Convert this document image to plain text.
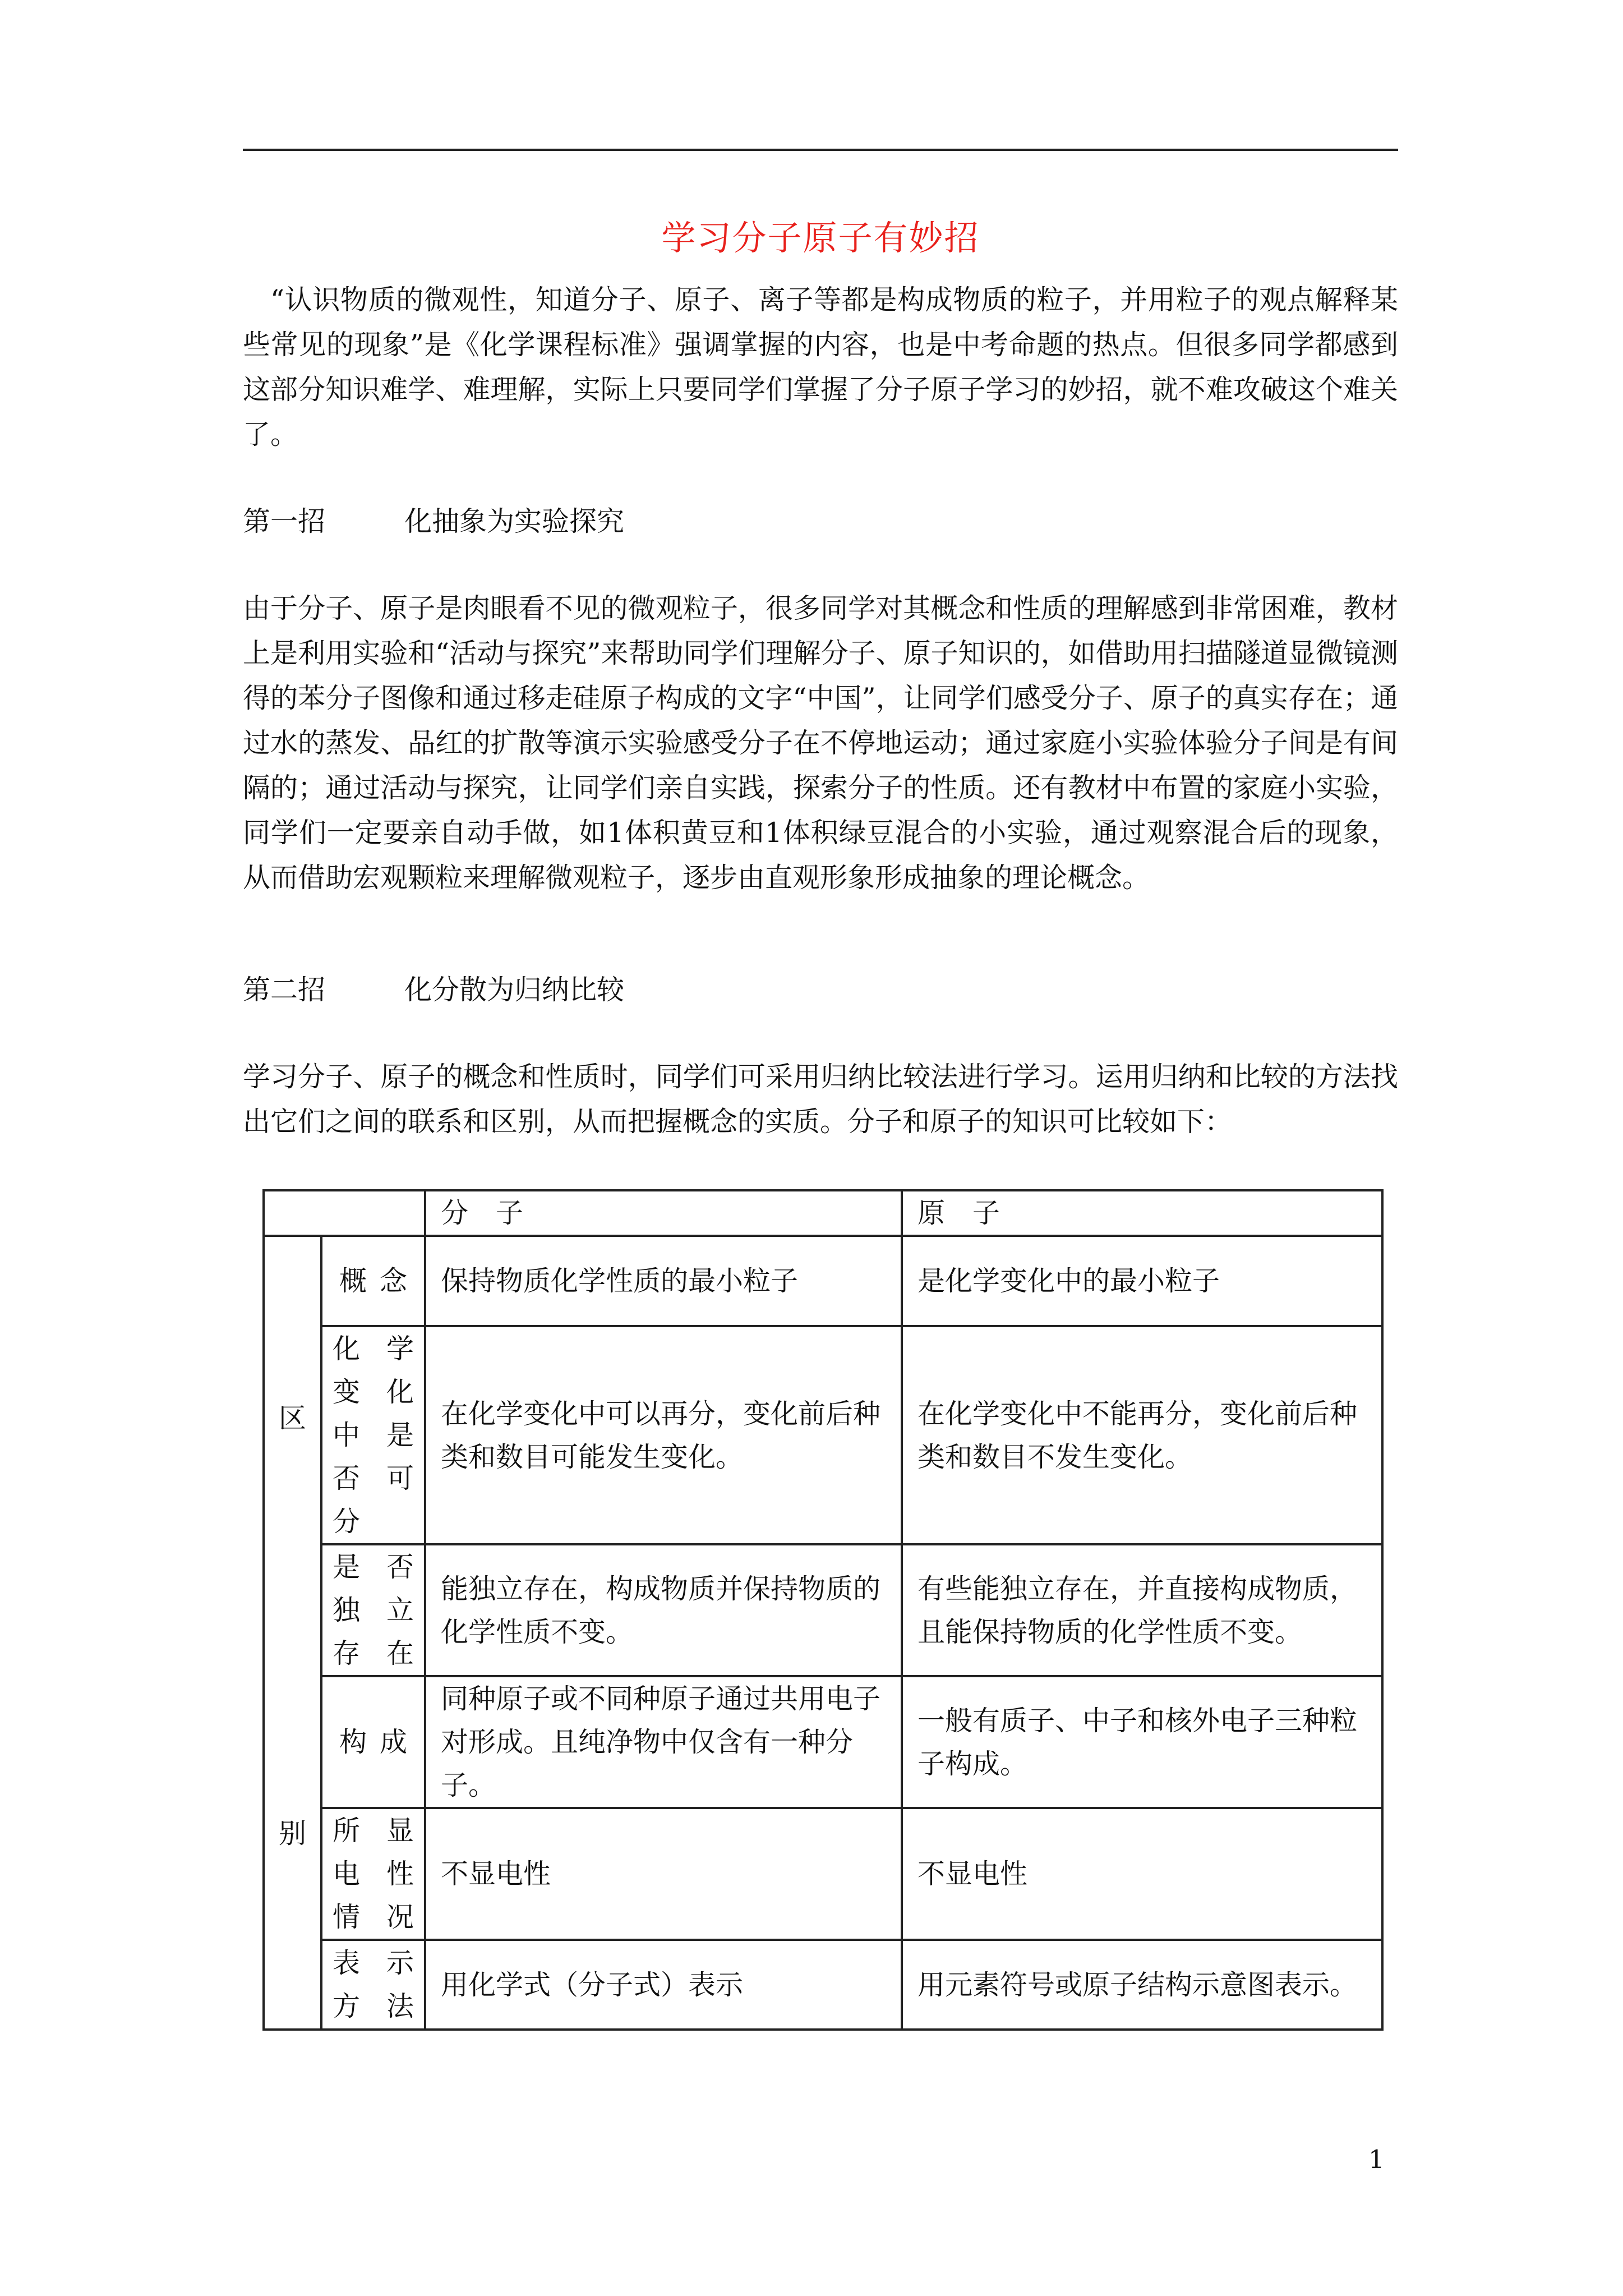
学习分子原子有妙招

“认识物质的微观性，知道分子、原子、离子等都是构成物质的粒子，并用粒子的观点解释某些常见的现象”是《化学课程标准》强调掌握的内容，也是中考命题的热点。但很多同学都感到这部分知识难学、难理解，实际上只要同学们掌握了分子原子学习的妙招，就不难攻破这个难关了。

第一招	化抽象为实验探究

由于分子、原子是肉眼看不见的微观粒子，很多同学对其概念和性质的理解感到非常困难，教材上是利用实验和“活动与探究”来帮助同学们理解分子、原子知识的，如借助用扫描隧道显微镜测得的苯分子图像和通过移走硅原子构成的文字“中国”，让同学们感受分子、原子的真实存在；通过水的蒸发、品红的扩散等演示实验感受分子在不停地运动；通过家庭小实验体验分子间是有间隔的；通过活动与探究，让同学们亲自实践，探索分子的性质。还有教材中布置的家庭小实验，同学们一定要亲自动手做，如1体积黄豆和1体积绿豆混合的小实验，通过观察混合后的现象，从而借助宏观颗粒来理解微观粒子，逐步由直观形象形成抽象的理论概念。

第二招	化分散为归纳比较

学习分子、原子的概念和性质时，同学们可采用归纳比较法进行学习。运用归纳和比较的方法找出它们之间的联系和区别，从而把握概念的实质。分子和原子的知识可比较如下：

		分　子	原　子

区
别	概念	保持物质化学性质的最小粒子	是化学变化中的最小粒子
	化学变化中是否可分	在化学变化中可以再分，变化前后种类和数目可能发生变化。	在化学变化中不能再分，变化前后种类和数目不发生变化。
	是否独立存在	能独立存在，构成物质并保持物质的化学性质不变。	有些能独立存在，并直接构成物质，且能保持物质的化学性质不变。
	构成	同种原子或不同种原子通过共用电子对形成。且纯净物中仅含有一种分子。	一般有质子、中子和核外电子三种粒子构成。
	所显电性情况	不显电性	不显电性
	表示方法	用化学式（分子式）表示	用元素符号或原子结构示意图表示。
1
